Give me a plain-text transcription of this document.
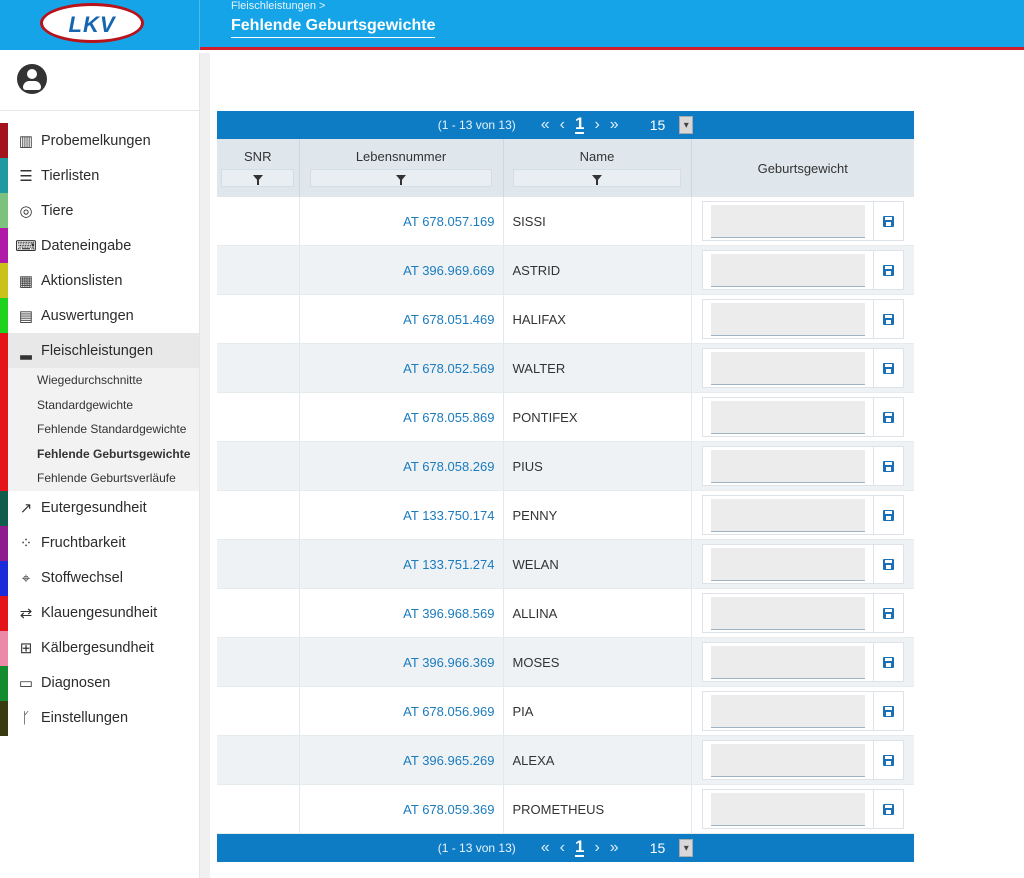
LKV
Fleischleistungen >
Fehlende Geburtsgewichte
▥ Probemelkungen
☰ Tierlisten
◎ Tiere
⌨ Dateneingabe
▦ Aktionslisten
▤ Auswertungen
▂ Fleischleistungen
Wiegedurchschnitte
Standardgewichte
Fehlende Standardgewichte
Fehlende Geburtsgewichte
Fehlende Geburtsverläufe
↗ Eutergesundheit
⁘ Fruchtbarkeit
⌖ Stoffwechsel
⇄ Klauengesundheit
⊞ Kälbergesundheit
▭ Diagnosen
ᚴ Einstellungen
(1 - 13 von 13) « ‹ 1 › » 15	▾
SNR	Lebensnummer	Name	Geburtsgewicht
	AT 678.057.169	SISSI	

	AT 396.969.669	ASTRID	

	AT 678.051.469	HALIFAX	

	AT 678.052.569	WALTER	

	AT 678.055.869	PONTIFEX	

	AT 678.058.269	PIUS	

	AT 133.750.174	PENNY	

	AT 133.751.274	WELAN	

	AT 396.968.569	ALLINA	

	AT 396.966.369	MOSES	

	AT 678.056.969	PIA	

	AT 396.965.269	ALEXA	

	AT 678.059.369	PROMETHEUS	
(1 - 13 von 13) « ‹ 1 › » 15	▾
